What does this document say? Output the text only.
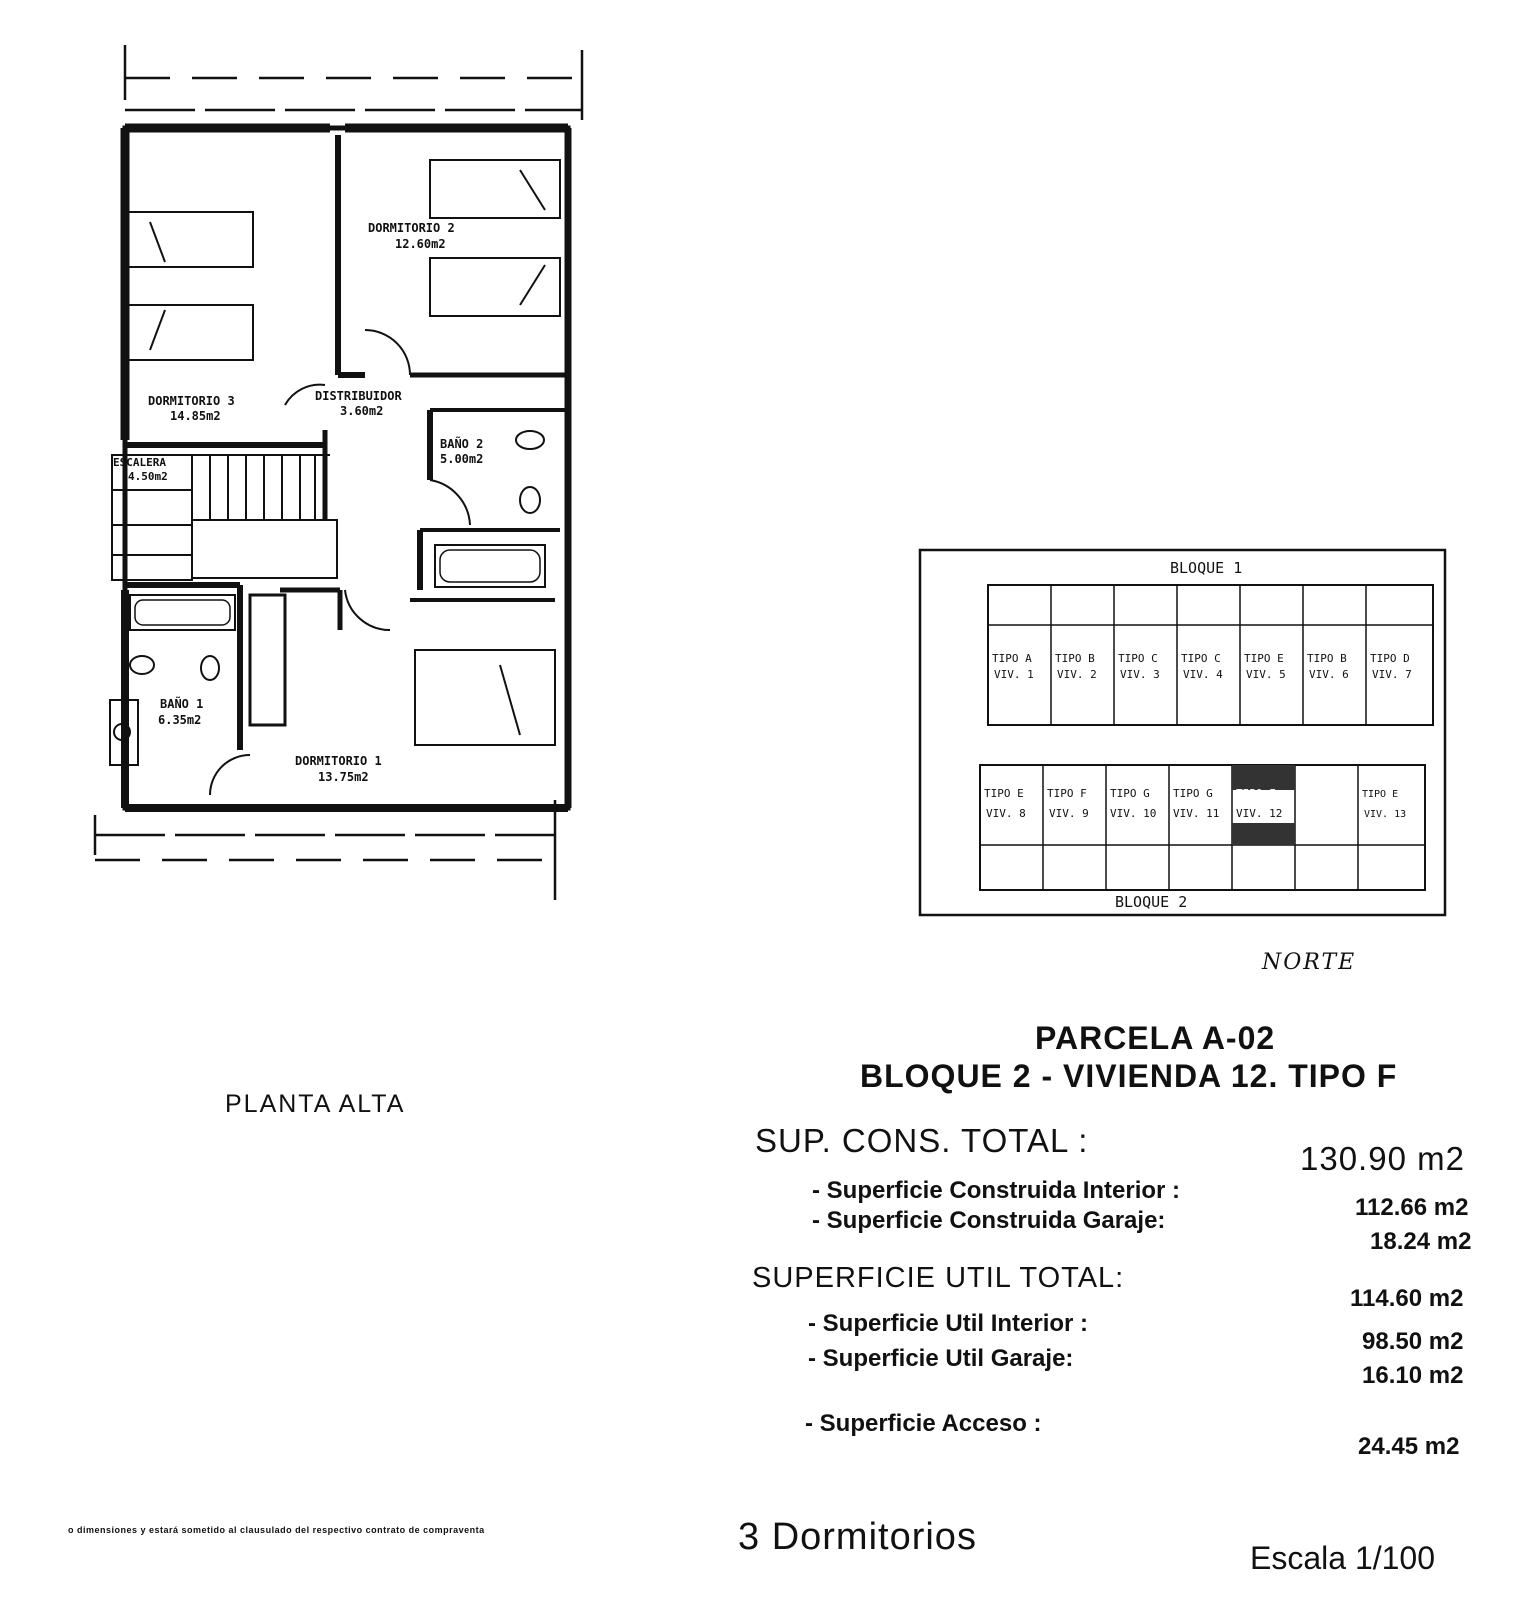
DORMITORIO 2
12.60m2
DORMITORIO 3
14.85m2
DISTRIBUIDOR
3.60m2
BAÑO 2
5.00m2
ESCALERA
4.50m2
BAÑO 1
6.35m2
DORMITORIO 1
13.75m2
PLANTA ALTA
BLOQUE 1
BLOQUE 2
TIPO A
VIV. 1
TIPO B
VIV. 2
TIPO C
VIV. 3
TIPO C
VIV. 4
TIPO E
VIV. 5
TIPO B
VIV. 6
TIPO D
VIV. 7
TIPO E
VIV. 8
TIPO F
VIV. 9
TIPO G
VIV. 10
TIPO G
VIV. 11
TIPO F
VIV. 12
TIPO E
VIV. 13
NORTE
PARCELA A-02
BLOQUE 2 - VIVIENDA 12. TIPO F
SUP. CONS. TOTAL :	130.90 m2
- Superficie Construida Interior :
112.66 m2
- Superficie Construida Garaje:
18.24 m2
SUPERFICIE UTIL TOTAL:
114.60 m2
- Superficie Util Interior :
98.50 m2
- Superficie Util Garaje:
16.10 m2
- Superficie Acceso :
24.45 m2
3 Dormitorios	Escala 1/100
o dimensiones y estará sometido al clausulado del respectivo contrato de compraventa
